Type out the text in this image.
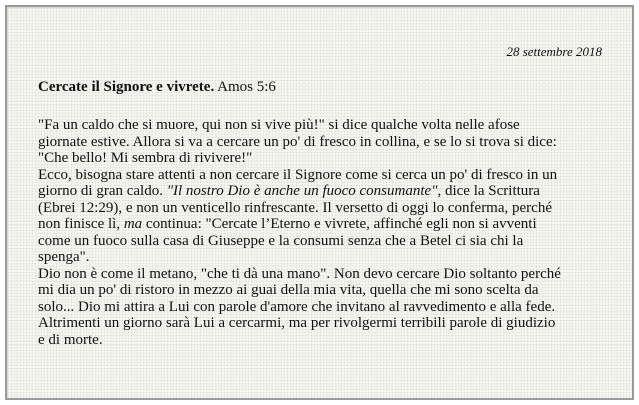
28 settembre 2018
Cercate il Signore e vivrete. Amos 5:6

"Fa un caldo che si muore, qui non si vive più!" si dice qualche volta nelle afose
giornate estive. Allora si va a cercare un po' di fresco in collina, e se lo si trova si dice:
"Che bello! Mi sembra di rivivere!"

Ecco, bisogna stare attenti a non cercare il Signore come si cerca un po' di fresco in un
giorno di gran caldo. "Il nostro Dio è anche un fuoco consumante", dice la Scrittura
(Ebrei 12:29), e non un venticello rinfrescante. Il versetto di oggi lo conferma, perché
non finisce lì, ma continua: "Cercate l’Eterno e vivrete, affinché egli non si avventi
come un fuoco sulla casa di Giuseppe e la consumi senza che a Betel ci sia chi la
spenga".

Dio non è come il metano, "che ti dà una mano". Non devo cercare Dio soltanto perché
mi dia un po' di ristoro in mezzo ai guai della mia vita, quella che mi sono scelta da
solo... Dio mi attira a Lui con parole d'amore che invitano al ravvedimento e alla fede.
Altrimenti un giorno sarà Lui a cercarmi, ma per rivolgermi terribili parole di giudizio
e di morte.
